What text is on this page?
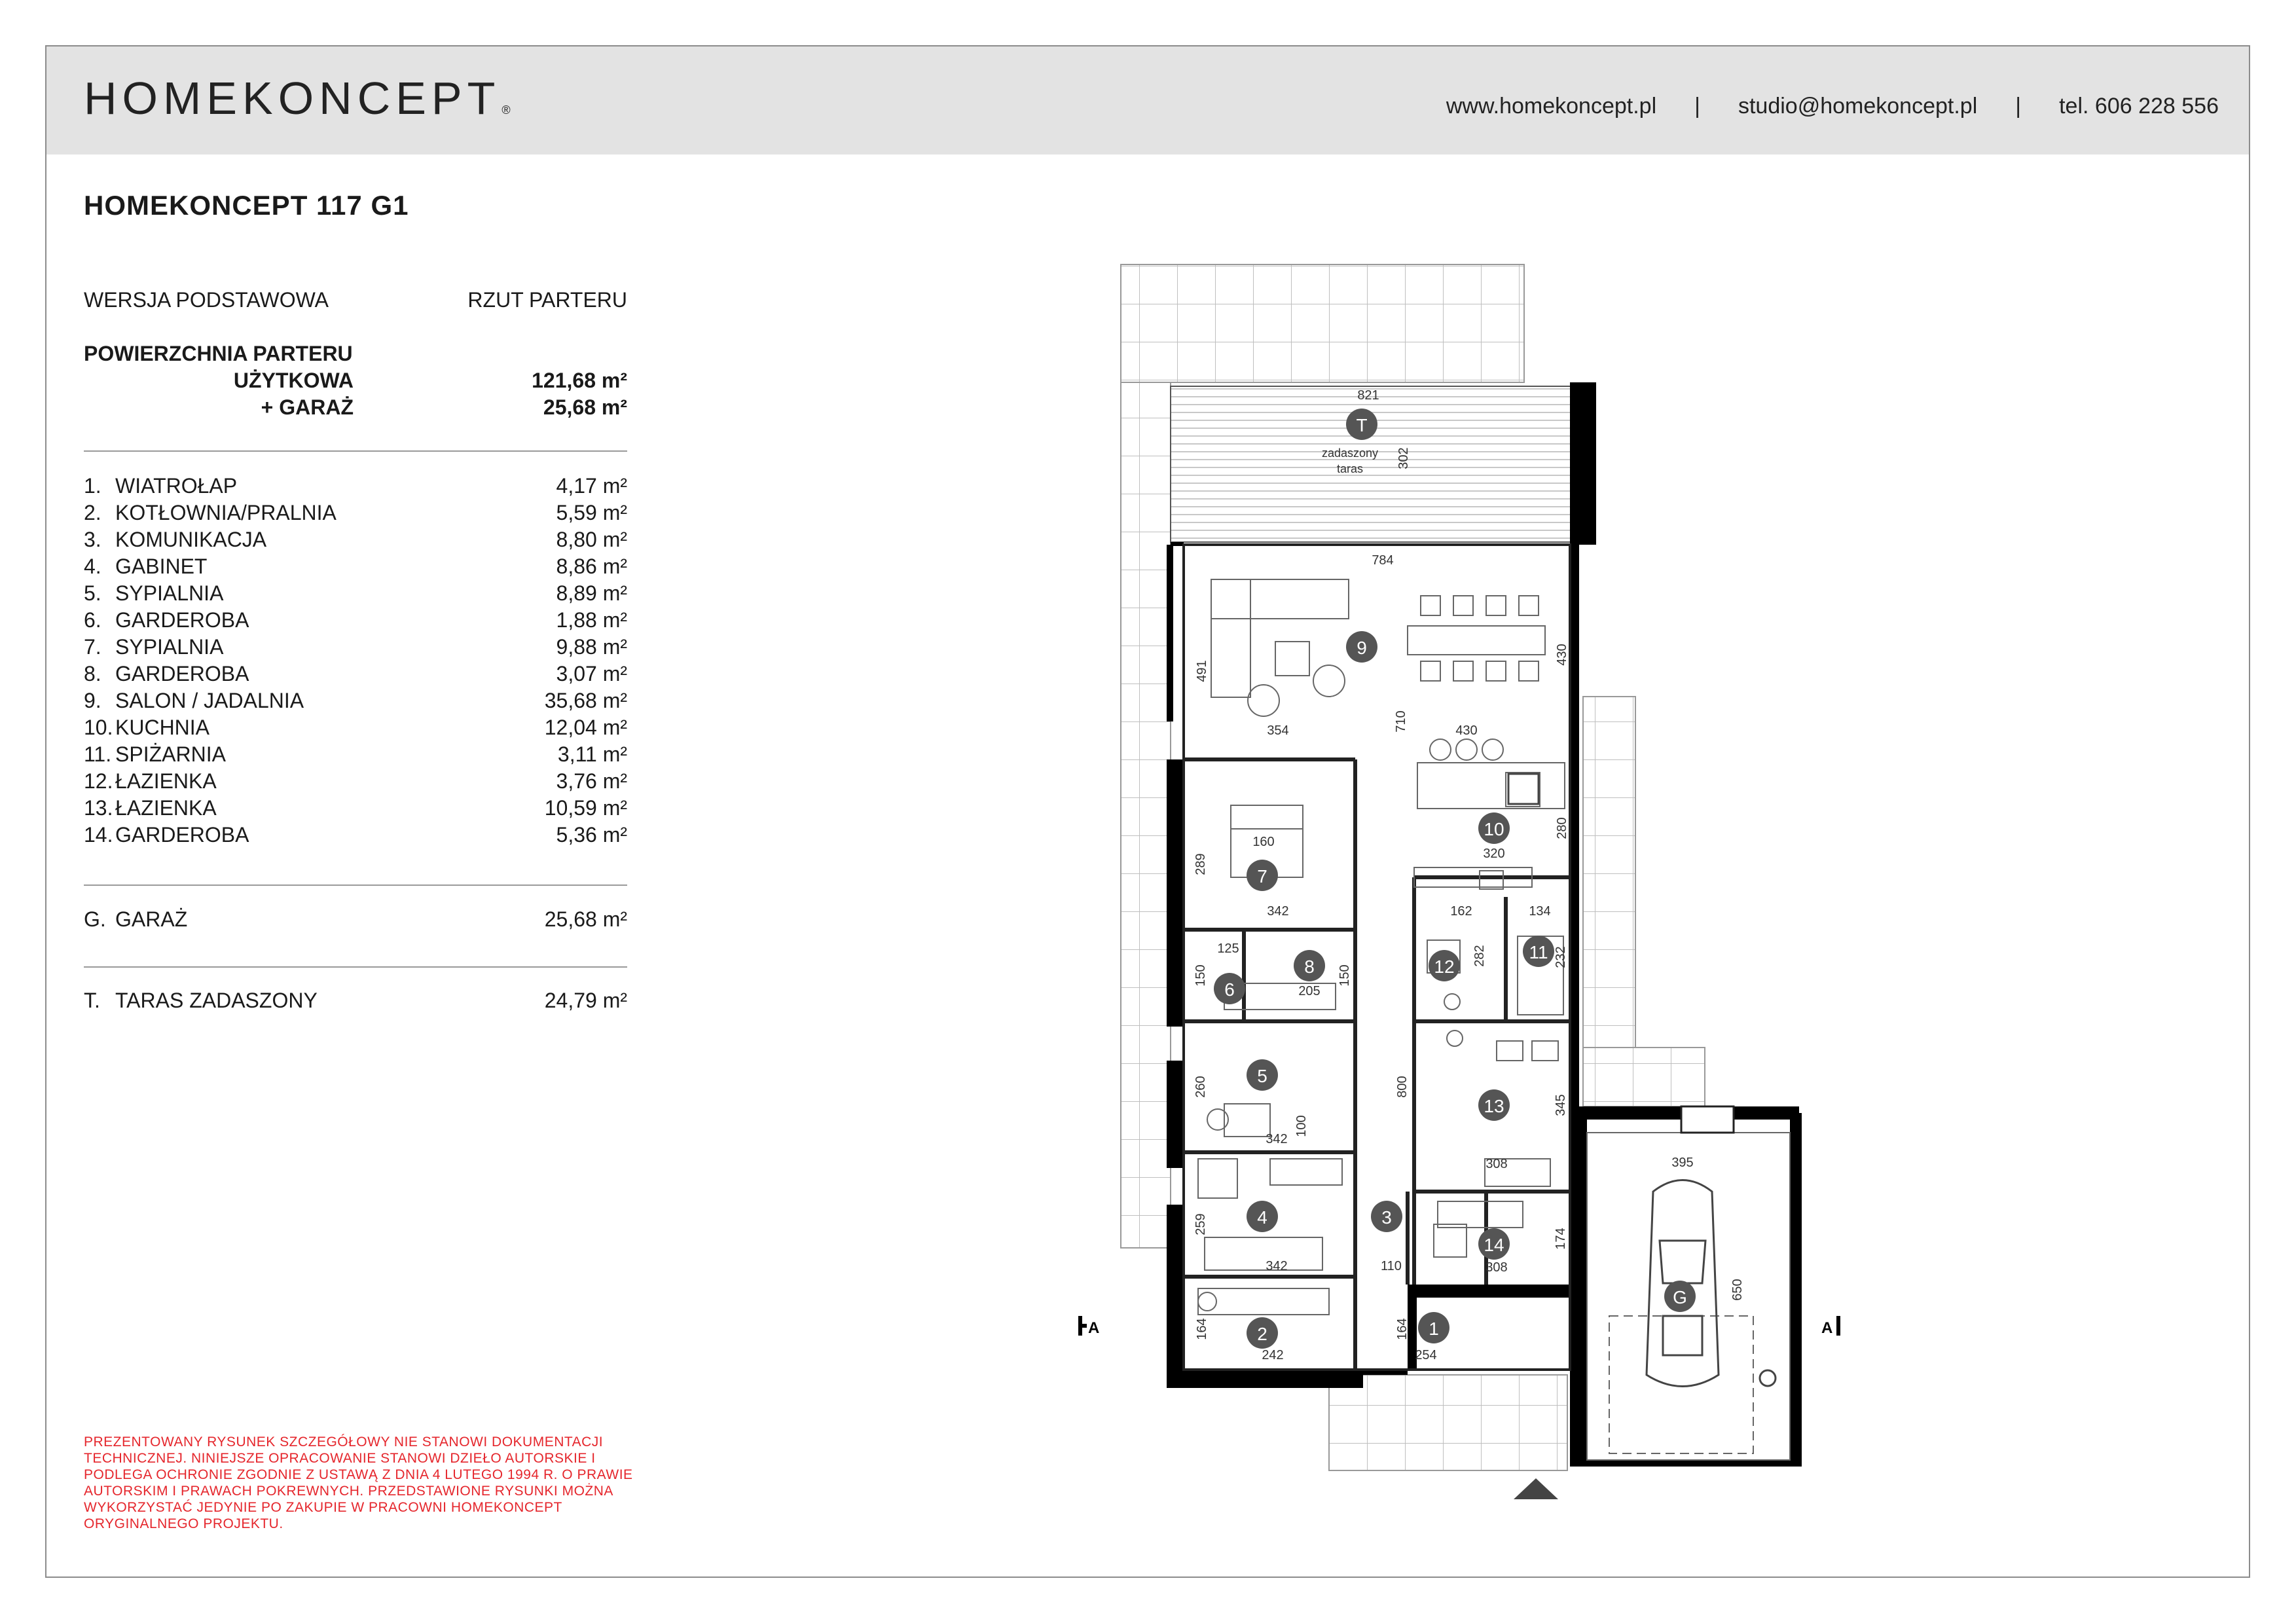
HOMEKONCEPT ®	www.homekoncept.pl | studio@homekoncept.pl | tel. 606 228 556
HOMEKONCEPT 117 G1
WERSJA PODSTAWOWA	RZUT PARTERU
POWIERZCHNIA PARTERU
UŻYTKOWA	121,68 m²
+ GARAŻ	25,68 m²
1. WIATROŁAP	4,17 m²
2. KOTŁOWNIA/PRALNIA	5,59 m²
3. KOMUNIKACJA	8,80 m²
4. GABINET	8,86 m²
5. SYPIALNIA	8,89 m²
6. GARDEROBA	1,88 m²
7. SYPIALNIA	9,88 m²
8. GARDEROBA	3,07 m²
9. SALON / JADALNIA	35,68 m²
10. KUCHNIA	12,04 m²
11. SPIŻARNIA	3,11 m²
12. ŁAZIENKA	3,76 m²
13. ŁAZIENKA	10,59 m²
14. GARDEROBA	5,36 m²
G. GARAŻ	25,68 m²
T. TARAS ZADASZONY	24,79 m²
PREZENTOWANY RYSUNEK SZCZEGÓŁOWY NIE STANOWI DOKUMENTACJI TECHNICZNEJ. NINIEJSZE OPRACOWANIE STANOWI DZIEŁO AUTORSKIE I PODLEGA OCHRONIE ZGODNIE Z USTAWĄ Z DNIA 4 LUTEGO 1994 R. O PRAWIE AUTORSKIM I PRAWACH POKREWNYCH. PRZEDSTAWIONE RYSUNKI MOŻNA WYKORZYSTAĆ JEDYNIE PO ZAKUPIE W PRACOWNI HOMEKONCEPT ORYGINALNEGO PROJEKTU.
A	A
T
9
10
7
8
6
12
11
5
13
4	3
14
1
2
G
zadaszony
taras
821
302
784
491
430
354	710	430
160
320
280
289
342	162	134
125
150	150
205
232
282
260
100
342
800
345
308	395
259
342
174
308
110
650
164	164
254
242
